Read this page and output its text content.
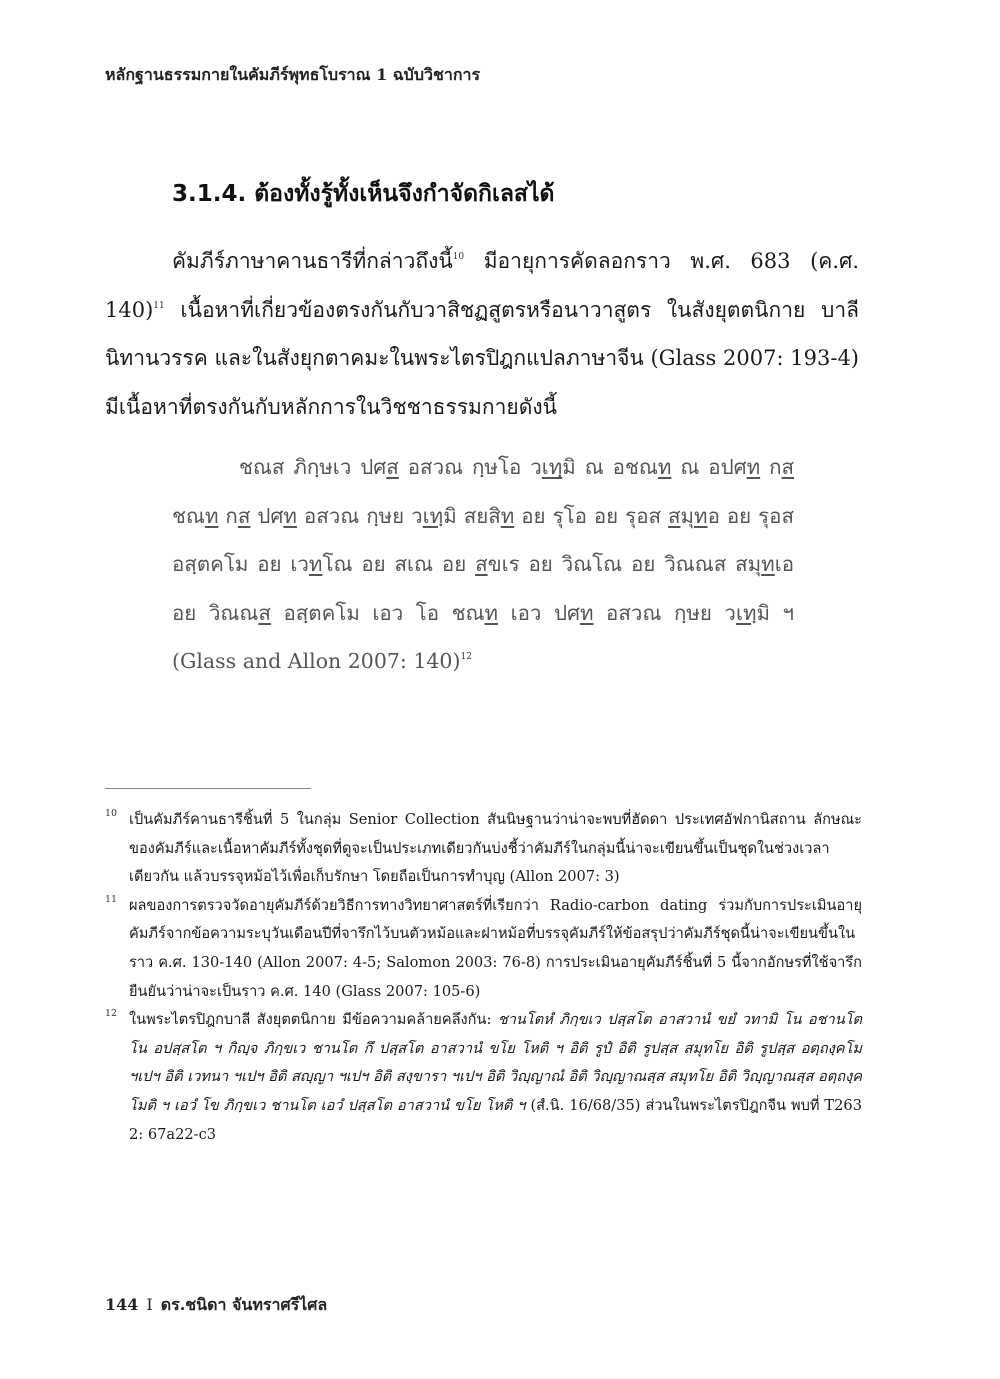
หลักฐานธรรมกายในคัมภีร์พุทธโบราณ 1 ฉบับวิชาการ
3.1.4. ต้องทั้งรู้ทั้งเห็นจึงกำจัดกิเลสได้
คัมภีร์ภาษาคานธารีที่กล่าวถึงนี้$^{10}$ มีอายุการคัดลอกราว พ.ศ. 683 (ค.ศ. 140)$^{11}$ เนื้อหาที่เกี่ยวข้องตรงกันกับวาสิชฏสูตรหรือนาวาสูตร ในสังยุตตนิกาย บาลี นิทานวรรค และในสังยุกตาคมะในพระไตรปิฎกแปลภาษาจีน (Glass 2007: 193-4) มีเนื้อหาที่ตรงกันกับหลักการในวิชชาธรรมกายดังนี้
ชณส ภิกฺษเว ปศส อสวณ กฺษโอ วเทฺมิ ณ อชณท ณ อปศท กส ชณท กส ปศท อสวณ กฺษย วเทฺมิ สยสิท อย รุโอ อย รุอส สมุทอ อย รุอส อสฺตคโม อย เวทโณ อย สเณ อย สขเร อย วิณโณ อย วิณณส สมุทเอ อย วิณณส อสฺตคโม เอว โอ ชณท เอว ปศท อสวณ กฺษย วเทฺมิ ฯ (Glass and Allon 2007: 140)$^{12}$
10 เป็นคัมภีร์คานธารีชิ้นที่ 5 ในกลุ่ม Senior Collection สันนิษฐานว่าน่าจะพบที่ฮัดดา ประเทศอัฟกานิสถาน ลักษณะของคัมภีร์และเนื้อหาคัมภีร์ทั้งชุดที่ดูจะเป็นประเภทเดียวกันบ่งชี้ว่าคัมภีร์ในกลุ่มนี้น่าจะเขียนขึ้นเป็นชุดในช่วงเวลาเดียวกัน แล้วบรรจุหม้อไว้เพื่อเก็บรักษา โดยถือเป็นการทำบุญ (Allon 2007: 3)
11 ผลของการตรวจวัดอายุคัมภีร์ด้วยวิธีการทางวิทยาศาสตร์ที่เรียกว่า Radio-carbon dating ร่วมกับการประเมินอายุคัมภีร์จากข้อความระบุวันเดือนปีที่จารึกไว้บนตัวหม้อและฝาหม้อที่บรรจุคัมภีร์ให้ข้อสรุปว่าคัมภีร์ชุดนี้น่าจะเขียนขึ้นในราว ค.ศ. 130-140 (Allon 2007: 4-5; Salomon 2003: 76-8) การประเมินอายุคัมภีร์ชิ้นที่ 5 นี้จากอักษรที่ใช้จารึกยืนยันว่าน่าจะเป็นราว ค.ศ. 140 (Glass 2007: 105-6)
12 ในพระไตรปิฎกบาลี สังยุตตนิกาย มีข้อความคล้ายคลึงกัน: ชานโตหํ ภิกฺขเว ปสฺสโต อาสวานํ ขยํ วทามิ โน อชานโต โน อปสฺสโต ฯ กิญฺจ ภิกฺขเว ชานโต กึ ปสฺสโต อาสวานํ ขโย โหติ ฯ อิติ รูปํ อิติ รูปสฺส สมุทโย อิติ รูปสฺส อตฺถงฺคโม ฯเปฯ อิติ เวทนา ฯเปฯ อิติ สญฺญา ฯเปฯ อิติ สงฺขารา ฯเปฯ อิติ วิญฺญาณํ อิติ วิญฺญาณสฺส สมุทโย อิติ วิญฺญาณสฺส อตฺถงฺคโมติ ฯ เอวํ โข ภิกฺขเว ชานโต เอวํ ปสฺสโต อาสวานํ ขโย โหติ ฯ (สํ.นิ. 16/68/35) ส่วนในพระไตรปิฎกจีน พบที่ T263 2: 67a22-c3
144 I ดร.ชนิดา จันทราศรีไศล
